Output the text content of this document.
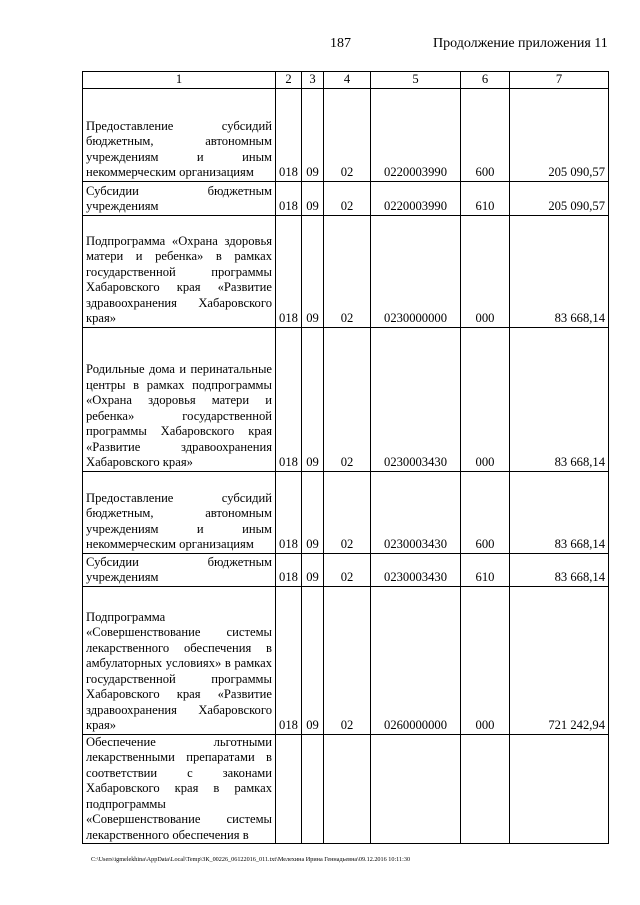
187	Продолжение приложения 11
1	2	3	4	5	6	7
Предоставление субсидий бюджетным, автономным учреждениям и иным некоммерческим организациям	018	09	02	0220003990	600	205 090,57
Субсидии бюджетным учреждениям	018	09	02	0220003990	610	205 090,57
Подпрограмма «Охрана здоровья матери и ребенка» в рамках государственной программы Хабаровского края «Развитие здравоохранения Хабаровского края»	018	09	02	0230000000	000	83 668,14
Родильные дома и перинатальные центры в рамках подпрограммы «Охрана здоровья матери и ребенка» государственной программы Хабаровского края «Развитие здравоохранения Хабаровского края»	018	09	02	0230003430	000	83 668,14
Предоставление субсидий бюджетным, автономным учреждениям и иным некоммерческим организациям	018	09	02	0230003430	600	83 668,14
Субсидии бюджетным учреждениям	018	09	02	0230003430	610	83 668,14
Подпрограмма «Совершенствование системы лекарственного обеспечения в амбулаторных условиях» в рамках государственной программы Хабаровского края «Развитие здравоохранения Хабаровского края»	018	09	02	0260000000	000	721 242,94
Обеспечение льготными лекарственными препаратами в соответствии с законами Хабаровского края в рамках подпрограммы «Совершенствование системы лекарственного обеспечения в						
C:\Users\igmelekhina\AppData\Local\Temp\ЗК_00226_06122016_011.txt\Мелехина Ирина Геннадьевна\09.12.2016 10:11:30
